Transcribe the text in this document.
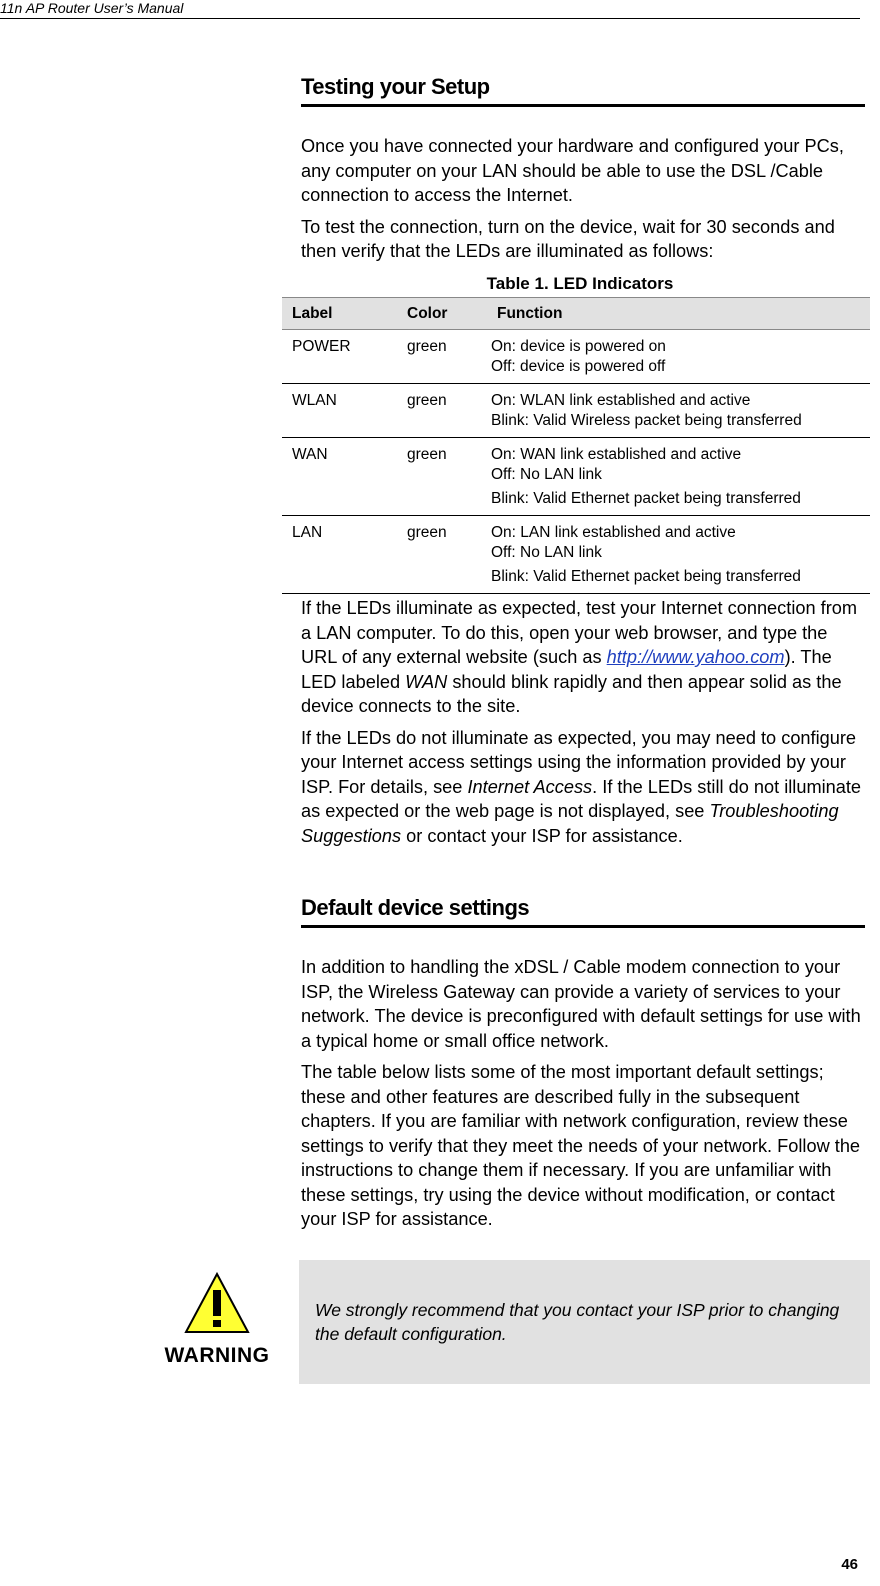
11n AP Router User’s Manual
Testing your Setup

Once you have connected your hardware and configured your PCs, any computer on your LAN should be able to use the DSL /Cable connection to access the Internet.

To test the connection, turn on the device, wait for 30 seconds and then verify that the LEDs are illuminated as follows:

Table 1. LED Indicators
Label	Color	Function
POWER	green	On: device is powered on
Off: device is powered off
WLAN	green	On: WLAN link established and active
Blink: Valid Wireless packet being transferred
WAN	green	On: WAN link established and active
Off: No LAN link
Blink: Valid Ethernet packet being transferred

LAN	green	On: LAN link established and active
Off: No LAN link
Blink: Valid Ethernet packet being transferred

If the LEDs illuminate as expected, test your Internet connection from a LAN computer. To do this, open your web browser, and type the URL of any external website (such as http://www.yahoo.com). The LED labeled WAN should blink rapidly and then appear solid as the device connects to the site.

If the LEDs do not illuminate as expected, you may need to configure your Internet access settings using the information provided by your ISP. For details, see Internet Access. If the LEDs still do not illuminate as expected or the web page is not displayed, see Troubleshooting Suggestions or contact your ISP for assistance.

Default device settings

In addition to handling the xDSL / Cable modem connection to your ISP, the Wireless Gateway can provide a variety of services to your network. The device is preconfigured with default settings for use with a typical home or small office network.

The table below lists some of the most important default settings; these and other features are described fully in the subsequent chapters. If you are familiar with network configuration, review these settings to verify that they meet the needs of your network. Follow the instructions to change them if necessary. If you are unfamiliar with these settings, try using the device without modification, or contact your ISP for assistance.

WARNING

We strongly recommend that you contact your ISP prior to changing the default configuration.

46
